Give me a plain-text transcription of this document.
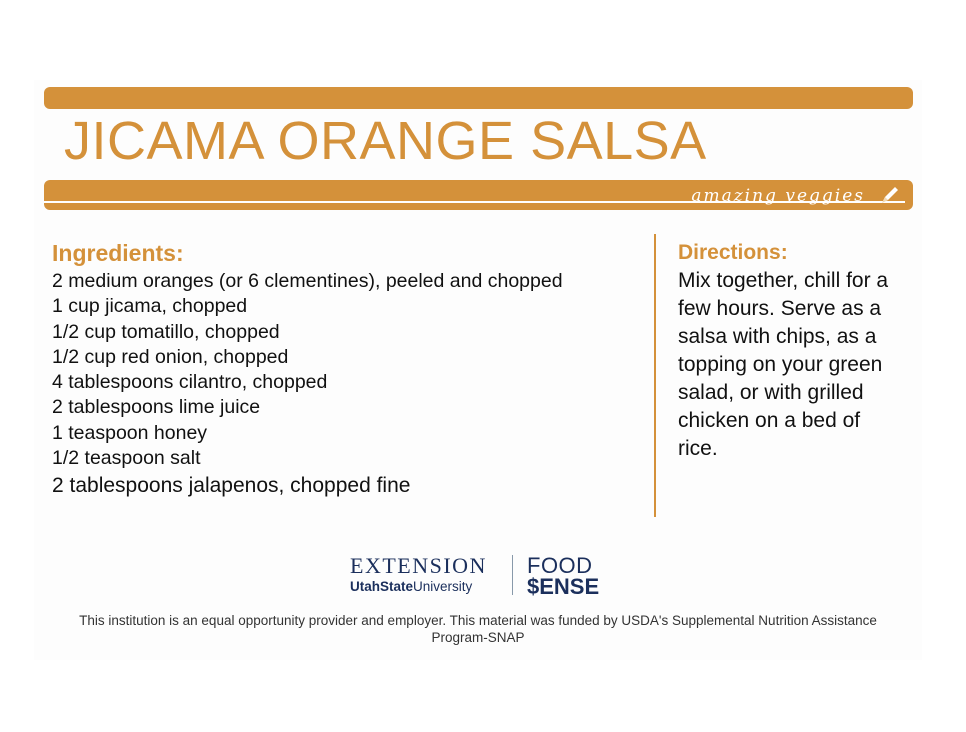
JICAMA ORANGE SALSA
amazing veggies
Ingredients:
2 medium oranges (or 6 clementines), peeled and chopped
1 cup jicama, chopped
1/2 cup tomatillo, chopped
1/2 cup red onion, chopped
4 tablespoons cilantro, chopped
2 tablespoons lime juice
1 teaspoon honey
1/2 teaspoon salt
2 tablespoons jalapenos, chopped fine
Directions:

Mix together, chill for a few hours. Serve as a salsa with chips, as a topping on your green salad, or with grilled chicken on a bed of rice.

EXTENSION
UtahStateUniversity
FOOD
$ENSE
This institution is an equal opportunity provider and employer. This material was funded by USDA's Supplemental Nutrition Assistance Program-SNAP
